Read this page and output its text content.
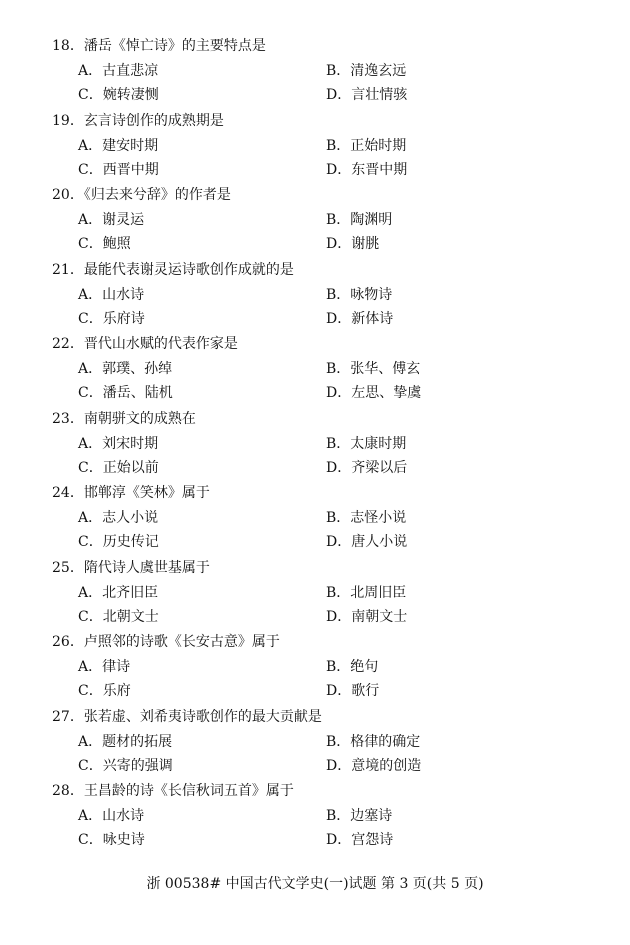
18．潘岳《悼亡诗》的主要特点是
A．古直悲凉	B．清逸玄远
C．婉转凄恻	D．言壮情骇
19．玄言诗创作的成熟期是
A．建安时期	B．正始时期
C．西晋中期	D．东晋中期
20．《归去来兮辞》的作者是
A．谢灵运	B．陶渊明
C．鲍照	D．谢朓
21．最能代表谢灵运诗歌创作成就的是
A．山水诗	B．咏物诗
C．乐府诗	D．新体诗
22．晋代山水赋的代表作家是
A．郭璞、孙绰	B．张华、傅玄
C．潘岳、陆机	D．左思、挚虞
23．南朝骈文的成熟在
A．刘宋时期	B．太康时期
C．正始以前	D．齐梁以后
24．邯郸淳《笑林》属于
A．志人小说	B．志怪小说
C．历史传记	D．唐人小说
25．隋代诗人虞世基属于
A．北齐旧臣	B．北周旧臣
C．北朝文士	D．南朝文士
26．卢照邻的诗歌《长安古意》属于
A．律诗	B．绝句
C．乐府	D．歌行
27．张若虚、刘希夷诗歌创作的最大贡献是
A．题材的拓展	B．格律的确定
C．兴寄的强调	D．意境的创造
28．王昌龄的诗《长信秋词五首》属于
A．山水诗	B．边塞诗
C．咏史诗	D．宫怨诗
浙 00538# 中国古代文学史(一)试题 第 3 页(共 5 页)
